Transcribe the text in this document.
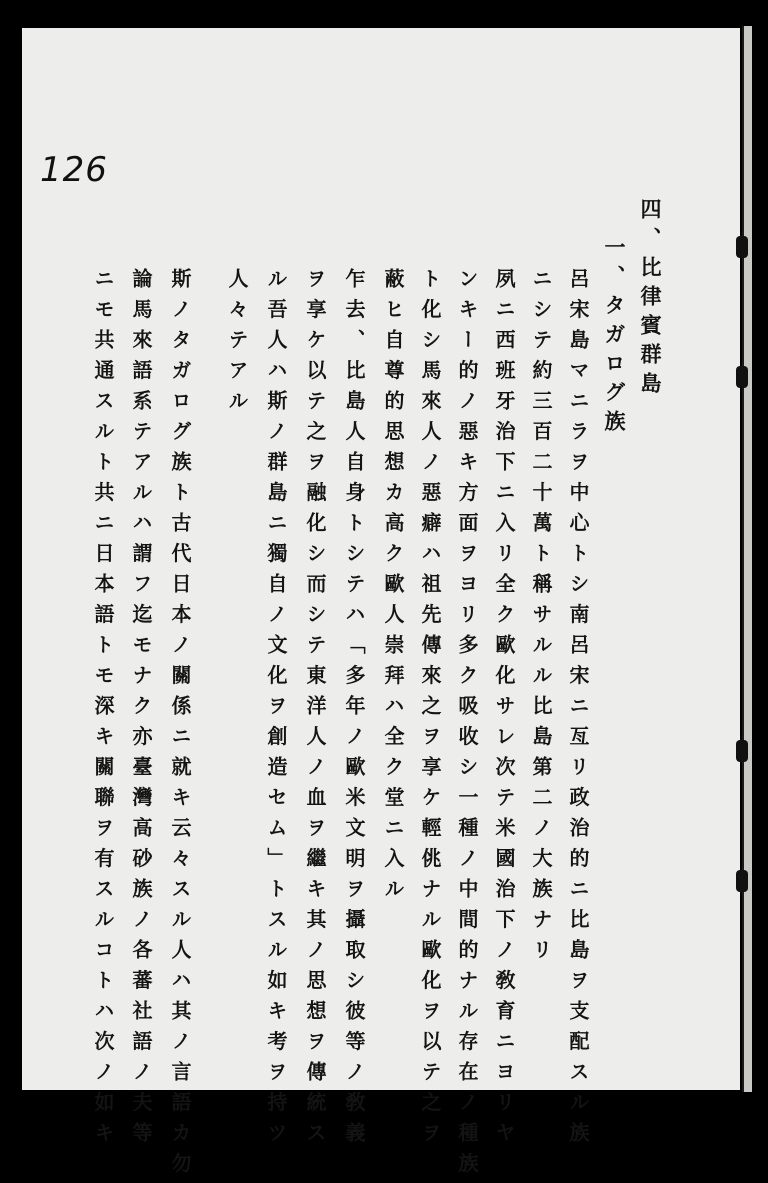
126
四、比律賓群島
一、タガログ族
呂宋島マニラヲ中心トシ南呂宋ニ亙リ政治的ニ比島ヲ支配スル族
ニシテ約三百二十萬ト稱サルル比島第二ノ大族ナリ
夙ニ西班牙治下ニ入リ全ク歐化サレ次テ米國治下ノ敎育ニヨリヤ
ンキー的ノ惡キ方面ヲヨリ多ク吸收シ一種ノ中間的ナル存在ノ種族
ト化シ馬來人ノ惡癖ハ祖先傳來之ヲ享ケ輕佻ナル歐化ヲ以テ之ヲ
蔽ヒ自尊的思想カ高ク歐人崇拜ハ全ク堂ニ入ル
乍去、比島人自身トシテハ「多年ノ歐米文明ヲ攝取シ彼等ノ敎義
ヲ享ケ以テ之ヲ融化シ而シテ東洋人ノ血ヲ繼キ其ノ思想ヲ傳統ス
ル吾人ハ斯ノ群島ニ獨自ノ文化ヲ創造セム」トスル如キ考ヲ持ツ
人々テアル
斯ノタガログ族ト古代日本ノ關係ニ就キ云々スル人ハ其ノ言語カ勿
論馬來語系テアルハ謂フ迄モナク亦臺灣高砂族ノ各蕃社語ノ夫等
ニモ共通スルト共ニ日本語トモ深キ關聯ヲ有スルコトハ次ノ如キ
